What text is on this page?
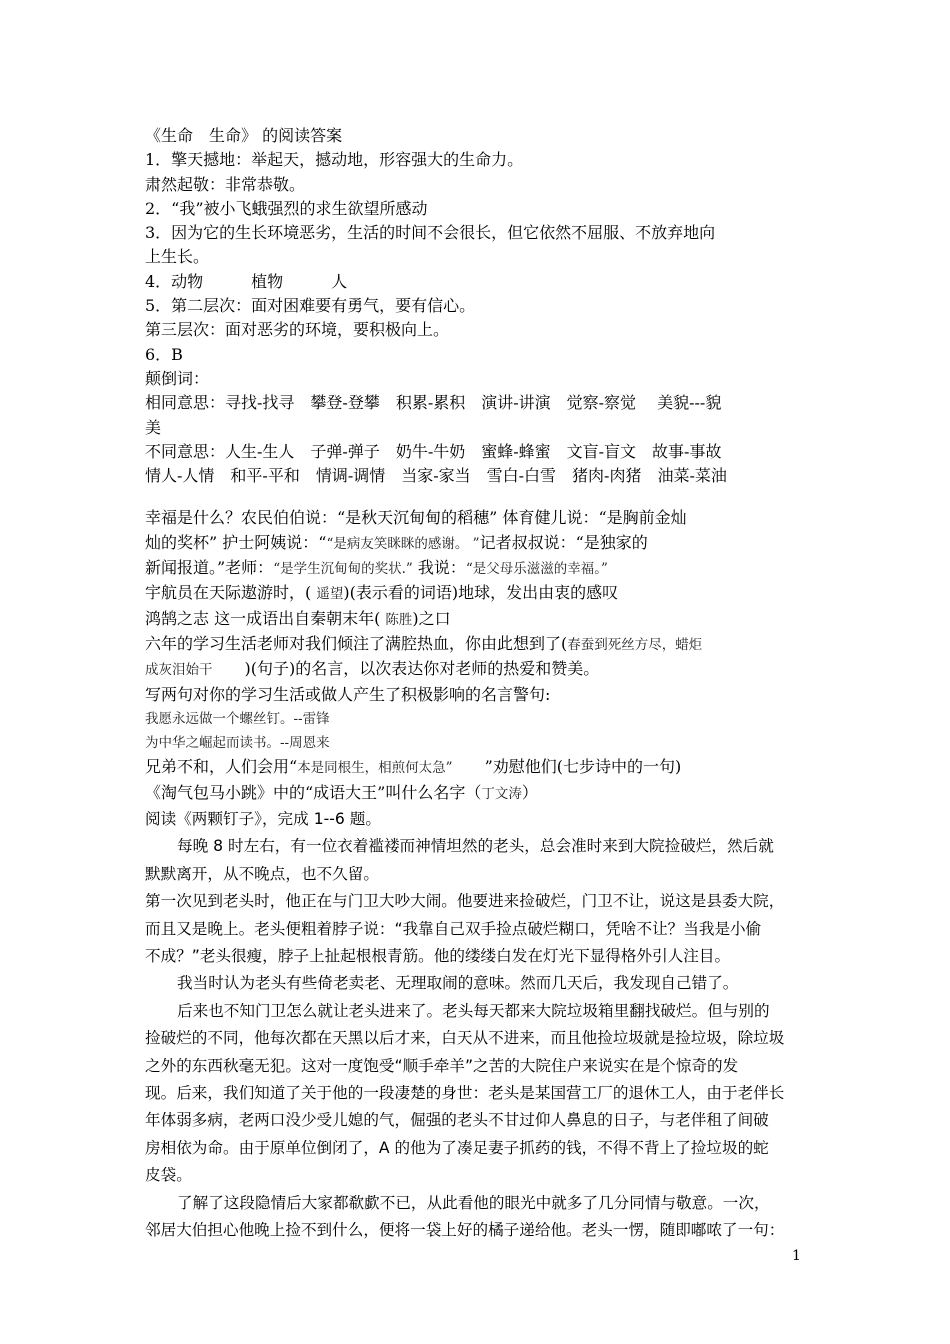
《生命　生命》 的阅读答案
1．擎天撼地：举起天，撼动地，形容强大的生命力。
肃然起敬：非常恭敬。
2．“我”被小飞蛾强烈的求生欲望所感动
3．因为它的生长环境恶劣，生活的时间不会很长，但它依然不屈服、不放弃地向
上生长。
4．动物　　　植物　　　人
5．第二层次：面对困难要有勇气，要有信心。
第三层次：面对恶劣的环境，要积极向上。
6．B
颠倒词：
相同意思：寻找-找寻　攀登-登攀　积累-累积　演讲-讲演　觉察-察觉　 美貌---貌
美
不同意思：人生-生人　子弹-弹子　奶牛-牛奶　蜜蜂-蜂蜜　文盲-盲文　故事-事故
情人-人情　和平-平和　情调-调情　当家-家当　雪白-白雪　猪肉-肉猪　油菜-菜油
幸福是什么？农民伯伯说：“是秋天沉甸甸的稻穗” 体育健儿说：“是胸前金灿
灿的奖杯” 护士阿姨说：““是病友笑眯眯的感谢。 ”记者叔叔说：“是独家的
新闻报道。”老师：“是学生沉甸甸的奖状.” 我说：“是父母乐滋滋的幸福。”
宇航员在天际遨游时，( 遥望)(表示看的词语)地球，发出由衷的感叹
鸿鹄之志 这一成语出自秦朝末年( 陈胜)之口
六年的学习生活老师对我们倾注了满腔热血，你由此想到了(春蚕到死丝方尽，蜡炬
成灰泪始干　　)(句子)的名言，以次表达你对老师的热爱和赞美。
写两句对你的学习生活或做人产生了积极影响的名言警句:
我愿永远做一个螺丝钉。--雷锋
为中华之崛起而读书。--周恩来
兄弟不和，人们会用“本是同根生，相煎何太急”　　”劝慰他们(七步诗中的一句)
《淘气包马小跳》中的“成语大王”叫什么名字（丁文涛）
阅读《两颗钉子》，完成 1--6 题。
每晚 8 时左右，有一位衣着褴褛而神情坦然的老头，总会准时来到大院捡破烂，然后就
默默离开，从不晚点，也不久留。
第一次见到老头时，他正在与门卫大吵大闹。他要进来捡破烂，门卫不让，说这是县委大院，
而且又是晚上。老头便粗着脖子说：“我靠自己双手捡点破烂糊口，凭啥不让？当我是小偷
不成？”老头很瘦，脖子上扯起根根青筋。他的缕缕白发在灯光下显得格外引人注目。
我当时认为老头有些倚老卖老、无理取闹的意味。然而几天后，我发现自己错了。
后来也不知门卫怎么就让老头进来了。老头每天都来大院垃圾箱里翻找破烂。但与别的
捡破烂的不同，他每次都在天黑以后才来，白天从不进来，而且他捡垃圾就是捡垃圾，除垃圾
之外的东西秋毫无犯。这对一度饱受“顺手牵羊”之苦的大院住户来说实在是个惊奇的发
现。后来，我们知道了关于他的一段凄楚的身世：老头是某国营工厂的退休工人，由于老伴长
年体弱多病，老两口没少受儿媳的气，倔强的老头不甘过仰人鼻息的日子，与老伴租了间破
房相依为命。由于原单位倒闭了，A 的他为了凑足妻子抓药的钱，不得不背上了捡垃圾的蛇
皮袋。
了解了这段隐情后大家都欷歔不已，从此看他的眼光中就多了几分同情与敬意。一次，
邻居大伯担心他晚上捡不到什么，便将一袋上好的橘子递给他。老头一愣，随即嘟哝了一句：
1
